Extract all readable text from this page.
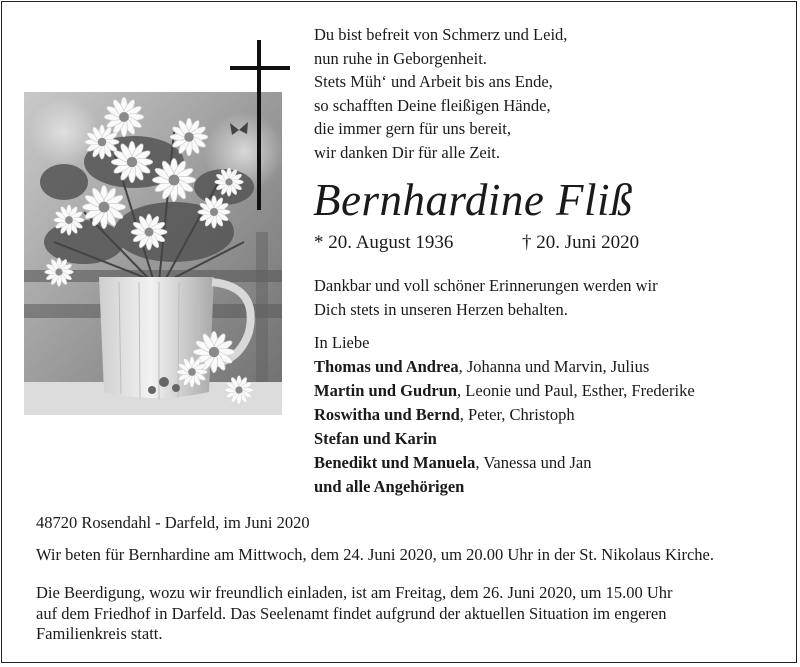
Du bist befreit von Schmerz und Leid,
nun ruhe in Geborgenheit.
Stets Müh‘ und Arbeit bis ans Ende,
so schafften Deine fleißigen Hände,
die immer gern für uns bereit,
wir danken Dir für alle Zeit.
Bernhardine Fliß
* 20. August 1936	† 20. Juni 2020
Dankbar und voll schöner Erinnerungen werden wir
Dich stets in unseren Herzen behalten.
In Liebe
Thomas und Andrea, Johanna und Marvin, Julius
Martin und Gudrun, Leonie und Paul, Esther, Frederike
Roswitha und Bernd, Peter, Christoph
Stefan und Karin
Benedikt und Manuela, Vanessa und Jan
und alle Angehörigen
48720 Rosendahl - Darfeld, im Juni 2020
Wir beten für Bernhardine am Mittwoch, dem 24. Juni 2020, um 20.00 Uhr in der St. Nikolaus Kirche.
Die Beerdigung, wozu wir freundlich einladen, ist am Freitag, dem 26. Juni 2020, um 15.00 Uhr
auf dem Friedhof in Darfeld. Das Seelenamt findet aufgrund der aktuellen Situation im engeren
Familienkreis statt.
